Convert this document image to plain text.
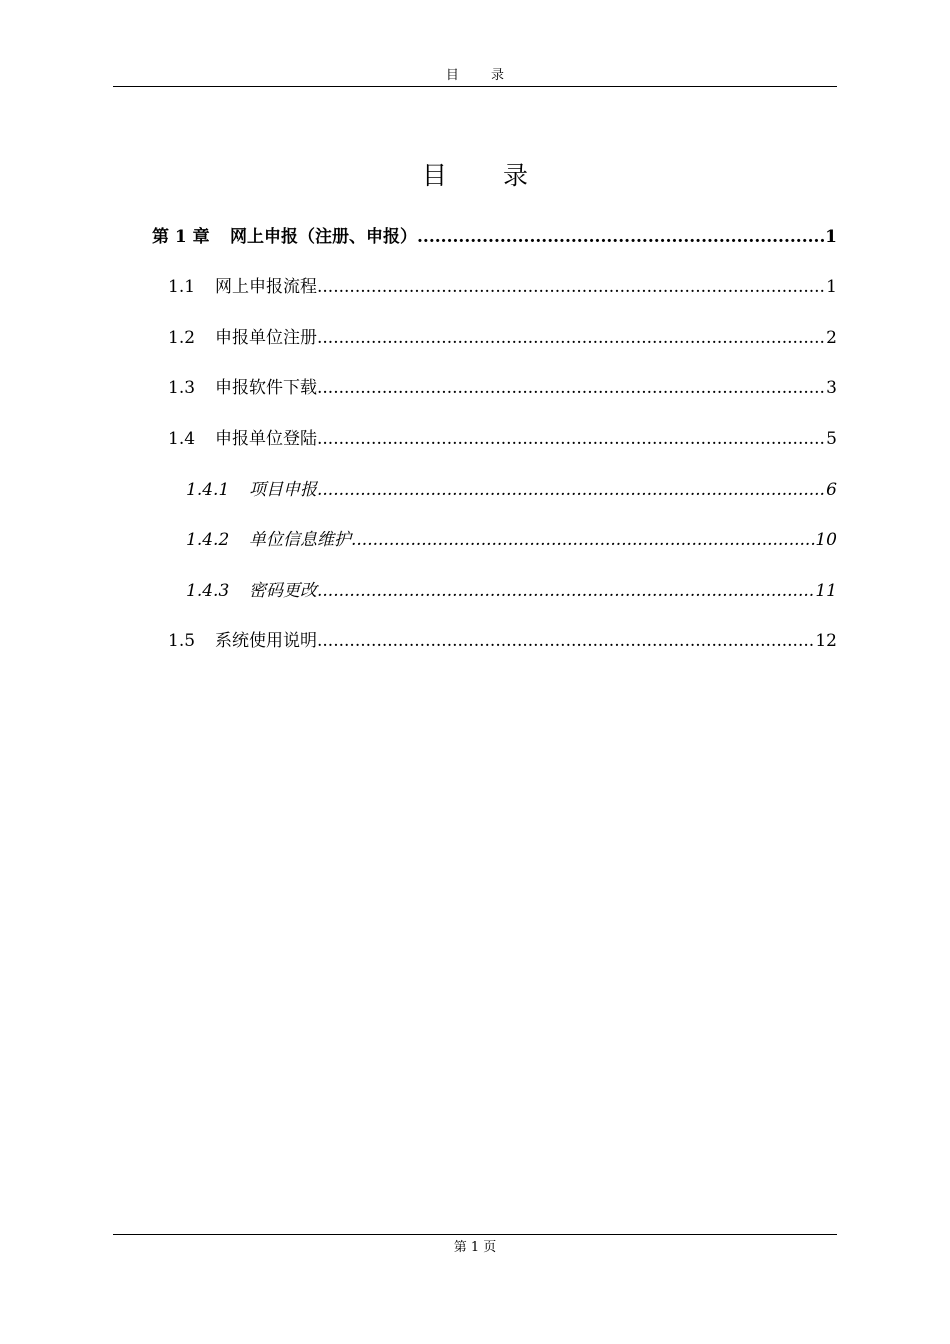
目 录
目 录
第 1 章	网上申报（注册、申报） .....	1
1.1	网上申报流程 .....	1
1.2	申报单位注册 .....	2
1.3	申报软件下载 .....	3
1.4	申报单位登陆 .....	5
1.4.1	项目申报 .....	6
1.4.2	单位信息维护 .....	10
1.4.3	密码更改 .....	11
1.5	系统使用说明 .....	12
第 1 页
